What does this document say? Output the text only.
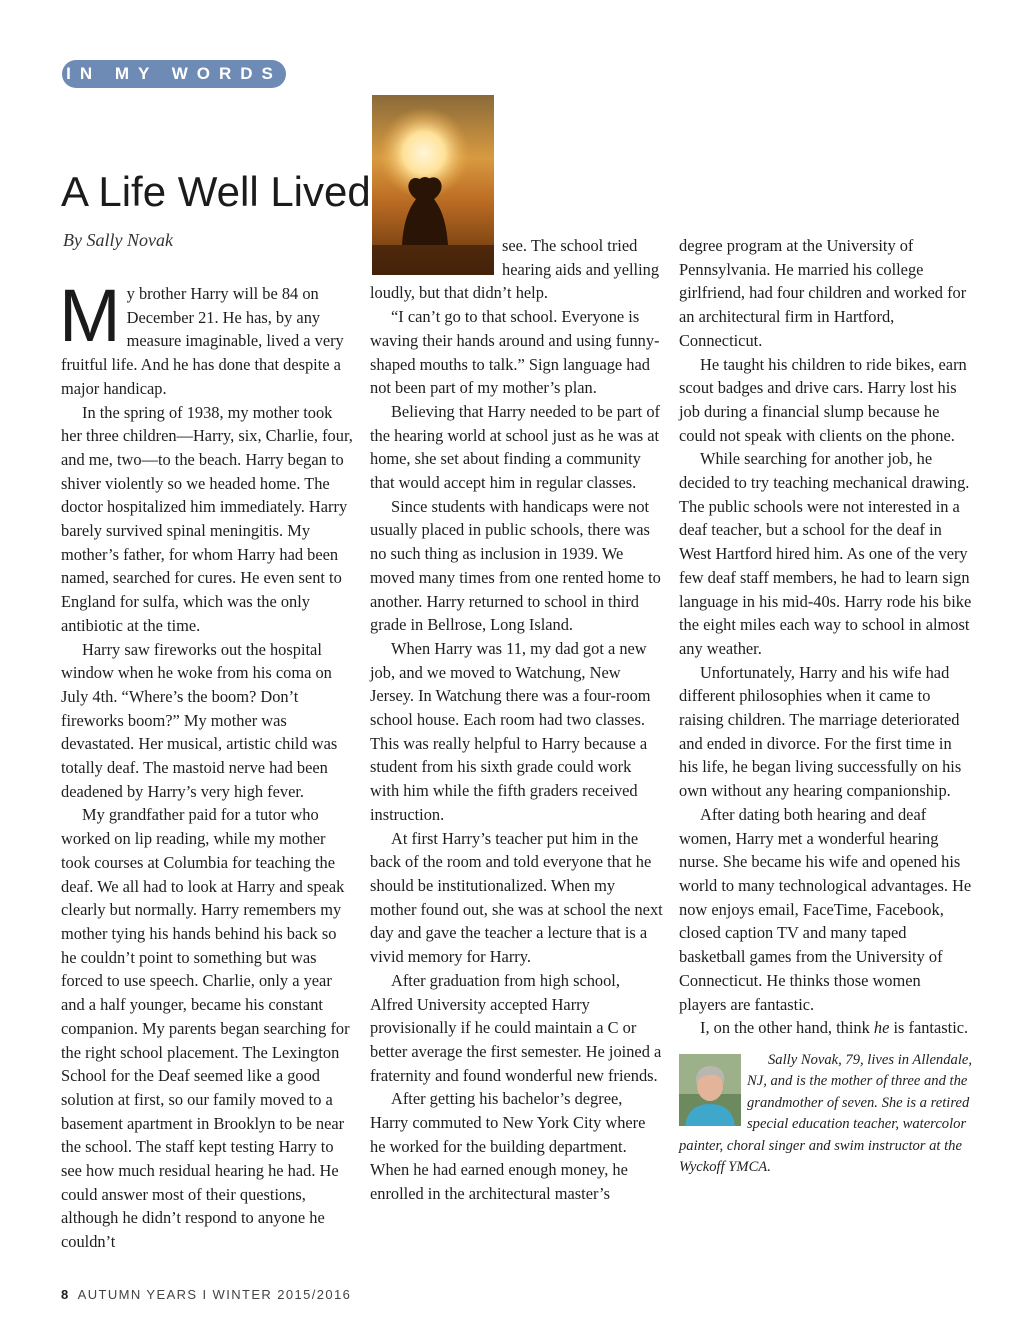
IN MY WORDS
A Life Well Lived
By Sally Novak

My brother Harry will be 84 on December 21. He has, by any measure imaginable, lived a very fruitful life. And he has done that despite a major handicap.

In the spring of 1938, my mother took her three children—Harry, six, Charlie, four, and me, two—to the beach. Harry began to shiver violently so we headed home. The doctor hospitalized him immediately. Harry barely survived spinal meningitis. My mother’s father, for whom Harry had been named, searched for cures. He even sent to England for sulfa, which was the only antibiotic at the time.

Harry saw fireworks out the hospital window when he woke from his coma on July 4th. “Where’s the boom? Don’t fireworks boom?” My mother was devastated. Her musical, artistic child was totally deaf. The mastoid nerve had been deadened by Harry’s very high fever.

My grandfather paid for a tutor who worked on lip reading, while my mother took courses at Columbia for teaching the deaf. We all had to look at Harry and speak clearly but normally. Harry remembers my mother tying his hands behind his back so he couldn’t point to something but was forced to use speech. Charlie, only a year and a half younger, became his constant companion. My parents began searching for the right school placement. The Lexington School for the Deaf seemed like a good solution at first, so our family moved to a basement apartment in Brooklyn to be near the school. The staff kept testing Harry to see how much residual hearing he had. He could answer most of their questions, although he didn’t respond to anyone he couldn’t

see. The school tried hearing aids and yelling loudly, but that didn’t help.

“I can’t go to that school. Everyone is waving their hands around and using funny-shaped mouths to talk.” Sign language had not been part of my mother’s plan.

Believing that Harry needed to be part of the hearing world at school just as he was at home, she set about finding a community that would accept him in regular classes.

Since students with handicaps were not usually placed in public schools, there was no such thing as inclusion in 1939. We moved many times from one rented home to another. Harry returned to school in third grade in Bellrose, Long Island.

When Harry was 11, my dad got a new job, and we moved to Watchung, New Jersey. In Watchung there was a four-room school house. Each room had two classes. This was really helpful to Harry because a student from his sixth grade could work with him while the fifth graders received instruction.

At first Harry’s teacher put him in the back of the room and told everyone that he should be institutionalized. When my mother found out, she was at school the next day and gave the teacher a lecture that is a vivid memory for Harry.

After graduation from high school, Alfred University accepted Harry provisionally if he could maintain a C or better average the first semester. He joined a fraternity and found wonderful new friends.

After getting his bachelor’s degree, Harry commuted to New York City where he worked for the building department. When he had earned enough money, he enrolled in the architectural master’s

degree program at the University of Pennsylvania. He married his college girlfriend, had four children and worked for an architectural firm in Hartford, Connecticut.

He taught his children to ride bikes, earn scout badges and drive cars. Harry lost his job during a financial slump because he could not speak with clients on the phone.

While searching for another job, he decided to try teaching mechanical drawing. The public schools were not interested in a deaf teacher, but a school for the deaf in West Hartford hired him. As one of the very few deaf staff members, he had to learn sign language in his mid-40s. Harry rode his bike the eight miles each way to school in almost any weather.

Unfortunately, Harry and his wife had different philosophies when it came to raising children. The marriage deteriorated and ended in divorce. For the first time in his life, he began living successfully on his own without any hearing companionship.

After dating both hearing and deaf women, Harry met a wonderful hearing nurse. She became his wife and opened his world to many technological advantages. He now enjoys email, FaceTime, Facebook, closed caption TV and many taped basketball games from the University of Connecticut. He thinks those women players are fantastic.

I, on the other hand, think he is fantastic.

Sally Novak, 79, lives in Allendale, NJ, and is the mother of three and the grandmother of seven. She is a retired special education teacher, watercolor painter, choral singer and swim instructor at the Wyckoff YMCA.

8 AUTUMN YEARS I WINTER 2015/2016
